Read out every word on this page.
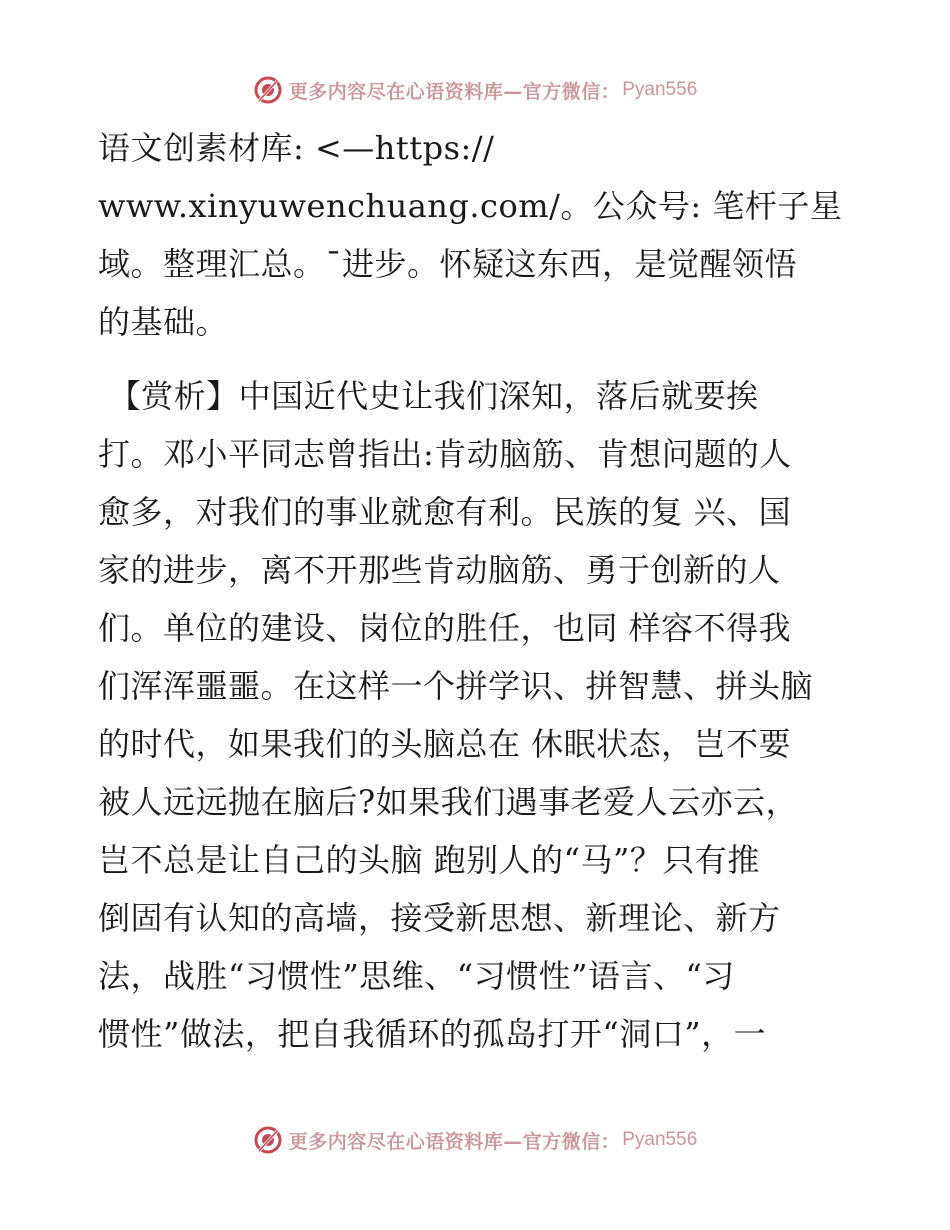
更多内容尽在心语资料库—官方微信： Pyan556
语文创素材库: <—https://
www.xinyuwenchuang.com/。公众号: 笔杆子星
域。整理汇总。¯进步。怀疑这东西，是觉醒领悟
的基础。
【赏析】中国近代史让我们深知，落后就要挨
打。邓小平同志曾指出:肯动脑筋、肯想问题的人
愈多，对我们的事业就愈有利。民族的复 兴、国
家的进步，离不开那些肯动脑筋、勇于创新的人
们。单位的建设、岗位的胜任，也同 样容不得我
们浑浑噩噩。在这样一个拼学识、拼智慧、拼头脑
的时代，如果我们的头脑总在 休眠状态，岂不要
被人远远抛在脑后?如果我们遇事老爱人云亦云，
岂不总是让自己的头脑 跑别人的“马”？只有推
倒固有认知的高墙，接受新思想、新理论、新方
法，战胜“习惯性”思维、“习惯性”语言、“习
惯性”做法，把自我循环的孤岛打开“洞口”，一
更多内容尽在心语资料库—官方微信： Pyan556
